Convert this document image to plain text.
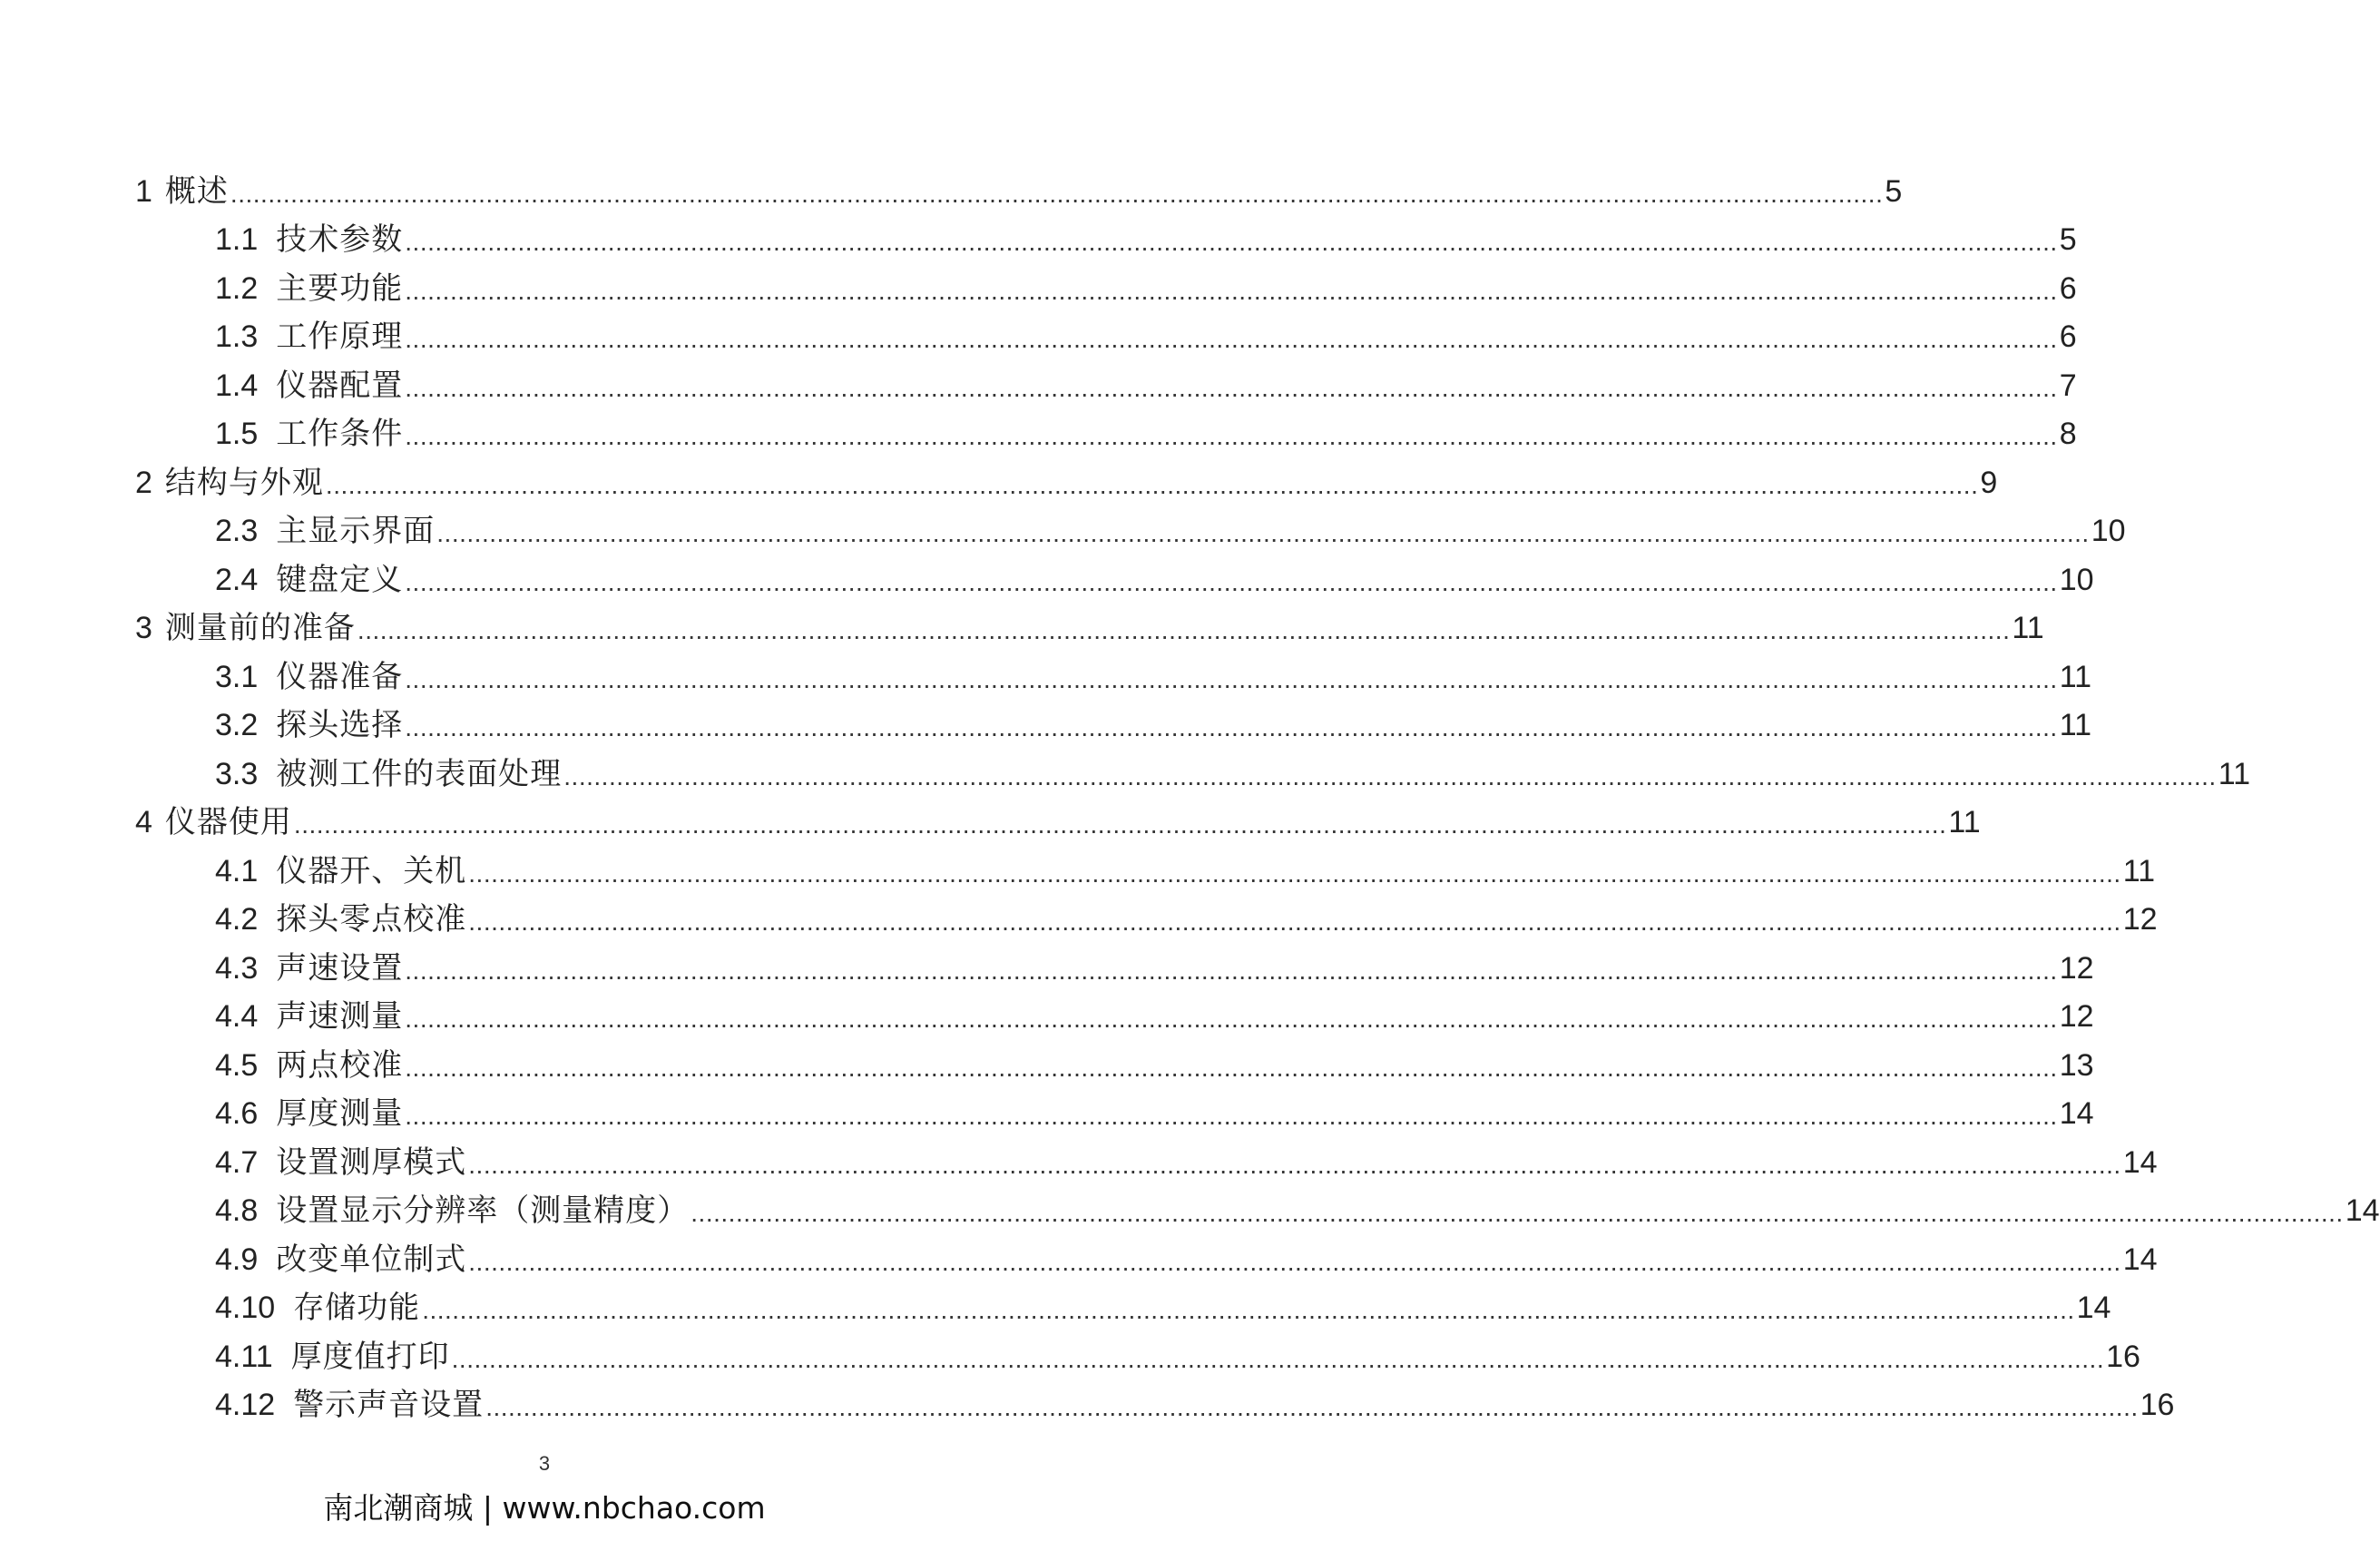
1 概述 ............................................................................................................................................................................................................................ 5
1.1 技术参数 ............................................................................................................................................................................................................................ 5
1.2 主要功能 ............................................................................................................................................................................................................................ 6
1.3 工作原理 ............................................................................................................................................................................................................................ 6
1.4 仪器配置 ............................................................................................................................................................................................................................ 7
1.5 工作条件 ............................................................................................................................................................................................................................ 8
2 结构与外观 ............................................................................................................................................................................................................................ 9
2.3 主显示界面 ............................................................................................................................................................................................................................ 10
2.4 键盘定义 ............................................................................................................................................................................................................................ 10
3 测量前的准备 ............................................................................................................................................................................................................................ 11
3.1 仪器准备 ............................................................................................................................................................................................................................ 11
3.2 探头选择 ............................................................................................................................................................................................................................ 11
3.3 被测工件的表面处理 ............................................................................................................................................................................................................................ 11
4 仪器使用 ............................................................................................................................................................................................................................ 11
4.1 仪器开、关机 ............................................................................................................................................................................................................................ 11
4.2 探头零点校准 ............................................................................................................................................................................................................................ 12
4.3 声速设置 ............................................................................................................................................................................................................................ 12
4.4 声速测量 ............................................................................................................................................................................................................................ 12
4.5 两点校准 ............................................................................................................................................................................................................................ 13
4.6 厚度测量 ............................................................................................................................................................................................................................ 14
4.7 设置测厚模式 ............................................................................................................................................................................................................................ 14
4.8 设置显示分辨率（测量精度） ............................................................................................................................................................................................................................ 14
4.9 改变单位制式 ............................................................................................................................................................................................................................ 14
4.10 存储功能 ............................................................................................................................................................................................................................ 14
4.11 厚度值打印 ............................................................................................................................................................................................................................ 16
4.12 警示声音设置 ............................................................................................................................................................................................................................ 16
3
南北潮商城 | www.nbchao.com
